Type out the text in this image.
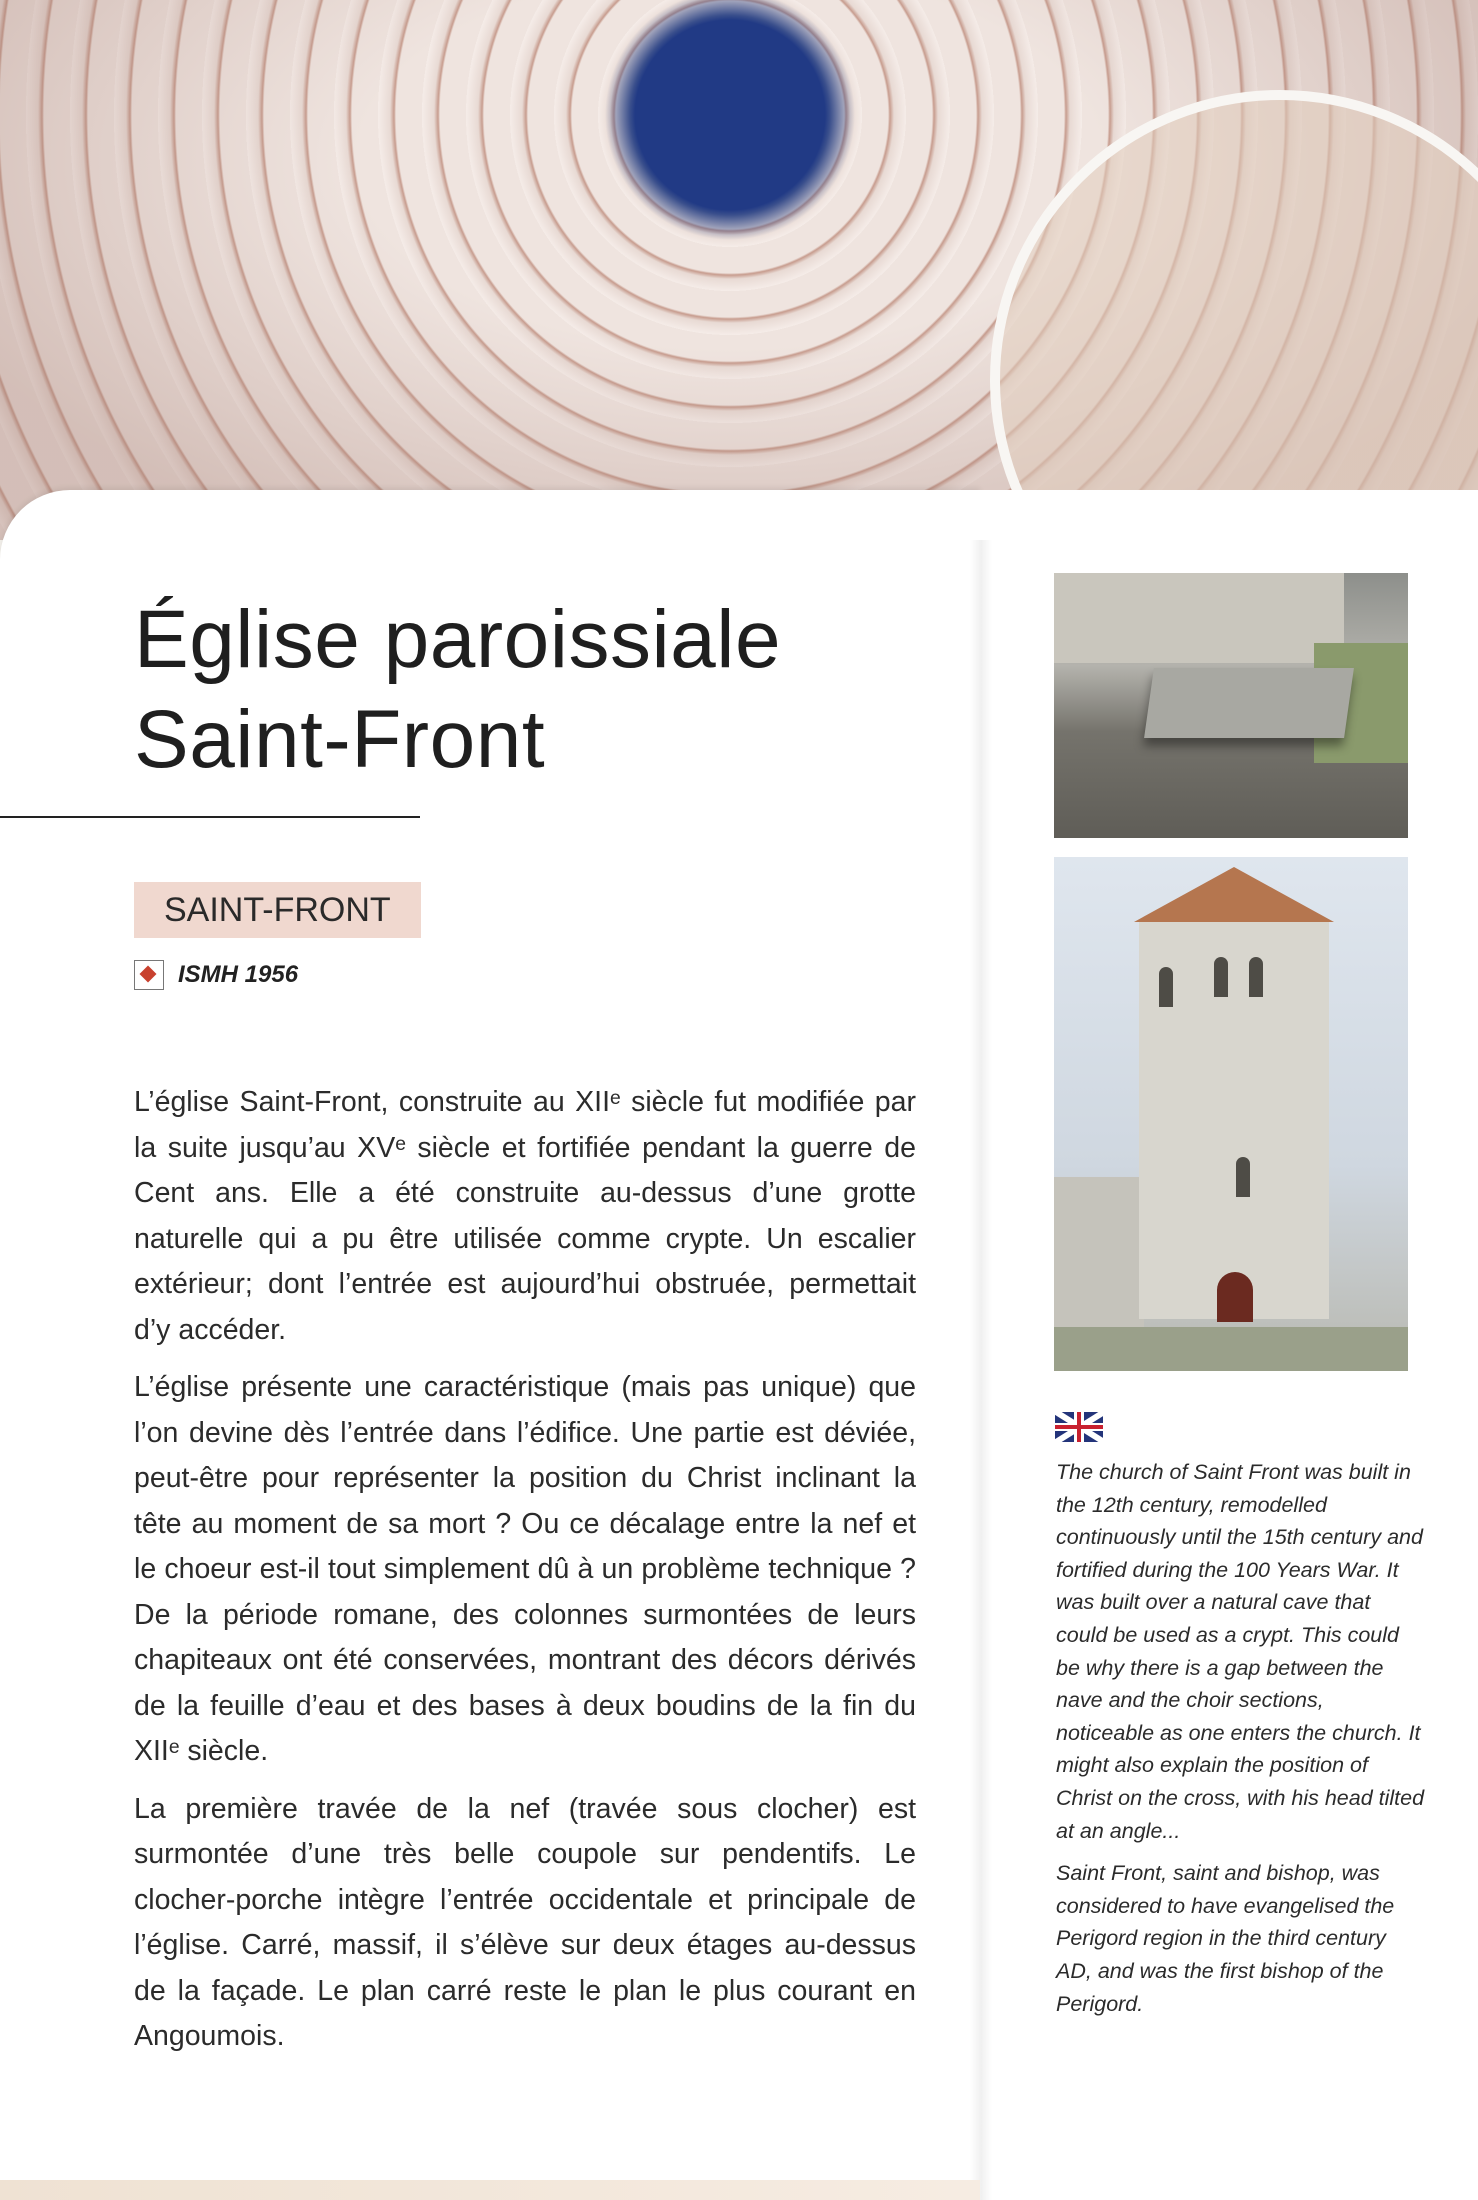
Église paroissiale
Saint-Front
SAINT-FRONT
ISMH 1956

L’église Saint-Front, construite au XIIᵉ siècle fut modifiée par la suite jusqu’au XVᵉ siècle et fortifiée pendant la guerre de Cent ans. Elle a été construite au-dessus d’une grotte naturelle qui a pu être utilisée comme crypte. Un escalier extérieur; dont l’entrée est aujourd’hui obstruée, permettait d’y accéder.

L’église présente une caractéristique (mais pas unique) que l’on devine dès l’entrée dans l’édifice. Une partie est déviée, peut-être pour représenter la position du Christ inclinant la tête au moment de sa mort ? Ou ce décalage entre la nef et le choeur est-il tout simplement dû à un problème technique ? De la période romane, des colonnes surmontées de leurs chapiteaux ont été conservées, montrant des décors dérivés de la feuille d’eau et des bases à deux boudins de la fin du XIIᵉ siècle.

La première travée de la nef (travée sous clocher) est surmontée d’une très belle coupole sur pendentifs. Le clocher-porche intègre l’entrée occidentale et principale de l’église. Carré, massif, il s’élève sur deux étages au-dessus de la façade. Le plan carré reste le plan le plus courant en Angoumois.

The church of Saint Front was built in the 12th century, remodelled continuously until the 15th century and fortified during the 100 Years War. It was built over a natural cave that could be used as a crypt. This could be why there is a gap between the nave and the choir sections, noticeable as one enters the church. It might also explain the position of Christ on the cross, with his head tilted at an angle...

Saint Front, saint and bishop, was considered to have evangelised the Perigord region in the third century AD, and was the first bishop of the Perigord.
